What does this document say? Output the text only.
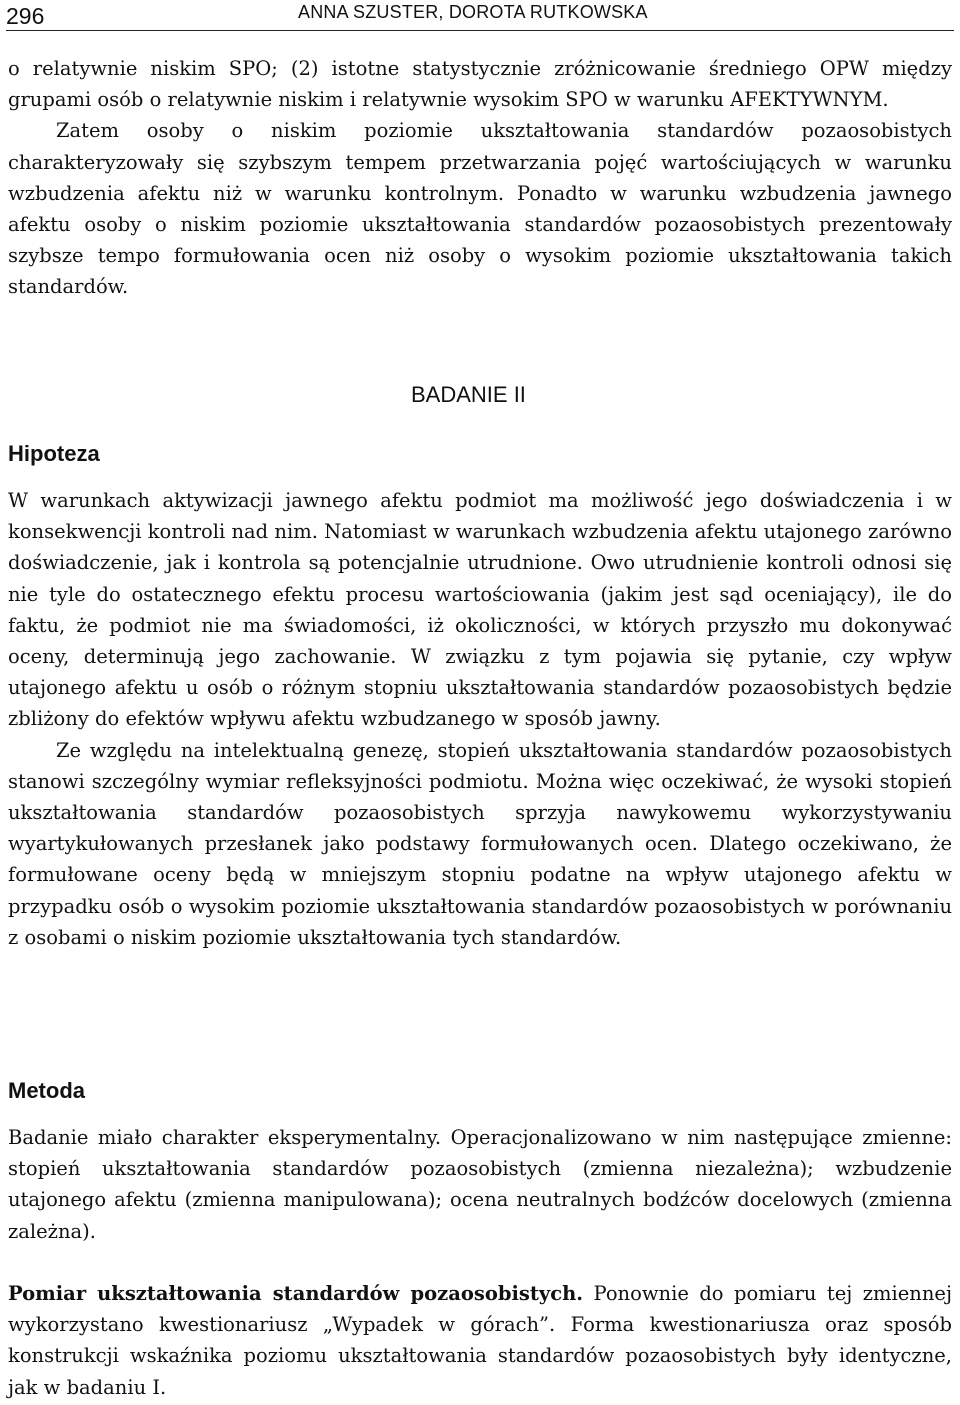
296	ANNA SZUSTER, DOROTA RUTKOWSKA

o relatywnie niskim SPO; (2) istotne statystycznie zróżnicowanie średniego OPW między grupami osób o relatywnie niskim i relatywnie wysokim SPO w warunku AFEKTYWNYM.

Zatem osoby o niskim poziomie ukształtowania standardów pozaosobistych charakteryzowały się szybszym tempem przetwarzania pojęć wartościujących w warunku wzbudzenia afektu niż w warunku kontrolnym. Ponadto w warunku wzbudzenia jawnego afektu osoby o niskim poziomie ukształtowania standardów pozaosobistych prezentowały szybsze tempo formułowania ocen niż osoby o wysokim poziomie ukształtowania takich standardów.

BADANIE II
Hipoteza

W warunkach aktywizacji jawnego afektu podmiot ma możliwość jego doświadczenia i w konsekwencji kontroli nad nim. Natomiast w warunkach wzbudzenia afektu utajonego zarówno doświadczenie, jak i kontrola są potencjalnie utrudnione. Owo utrudnienie kontroli odnosi się nie tyle do ostatecznego efektu procesu wartościowania (jakim jest sąd oceniający), ile do faktu, że podmiot nie ma świadomości, iż okoliczności, w których przyszło mu dokonywać oceny, determinują jego zachowanie. W związku z tym pojawia się pytanie, czy wpływ utajonego afektu u osób o różnym stopniu ukształtowania standardów pozaosobistych będzie zbliżony do efektów wpływu afektu wzbudzanego w sposób jawny.

Ze względu na intelektualną genezę, stopień ukształtowania standardów pozaosobistych stanowi szczególny wymiar refleksyjności podmiotu. Można więc oczekiwać, że wysoki stopień ukształtowania standardów pozaosobistych sprzyja nawykowemu wykorzystywaniu wyartykułowanych przesłanek jako podstawy formułowanych ocen. Dlatego oczekiwano, że formułowane oceny będą w mniejszym stopniu podatne na wpływ utajonego afektu w przypadku osób o wysokim poziomie ukształtowania standardów pozaosobistych w porównaniu z osobami o niskim poziomie ukształtowania tych standardów.

Metoda

Badanie miało charakter eksperymentalny. Operacjonalizowano w nim następujące zmienne: stopień ukształtowania standardów pozaosobistych (zmienna niezależna); wzbudzenie utajonego afektu (zmienna manipulowana); ocena neutralnych bodźców docelowych (zmienna zależna).

Pomiar ukształtowania standardów pozaosobistych. Ponownie do pomiaru tej zmiennej wykorzystano kwestionariusz „Wypadek w górach”. Forma kwestionariusza oraz sposób konstrukcji wskaźnika poziomu ukształtowania standardów pozaosobistych były identyczne, jak w badaniu I.
